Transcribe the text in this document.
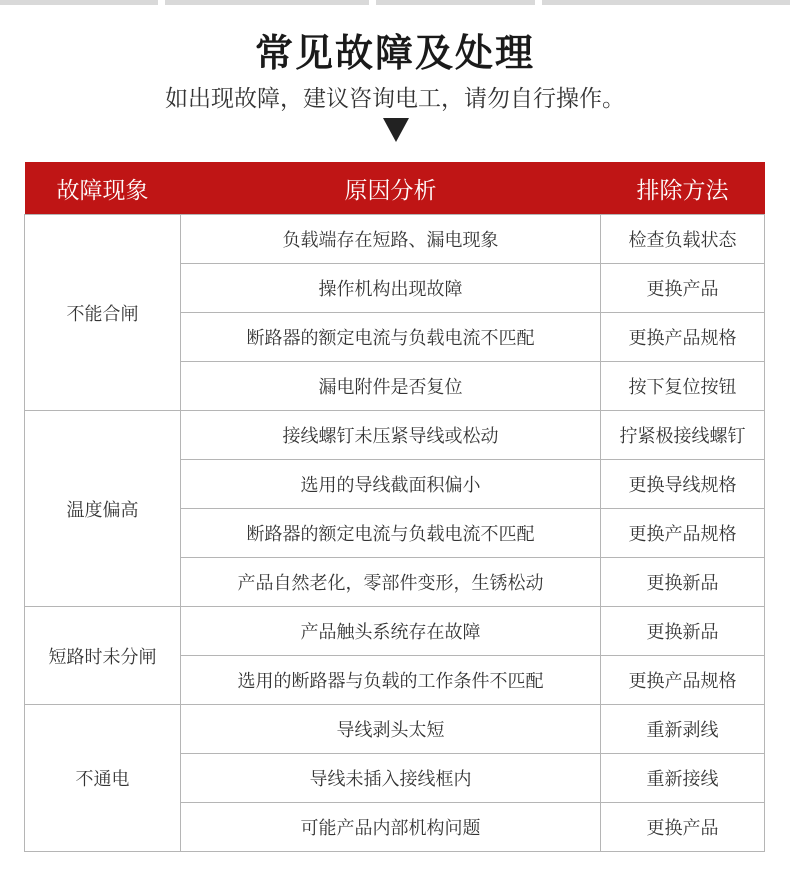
常见故障及处理
如出现故障，建议咨询电工，请勿自行操作。
故障现象	原因分析	排除方法
不能合闸	负载端存在短路、漏电现象	检查负载状态
	操作机构出现故障	更换产品
	断路器的额定电流与负载电流不匹配	更换产品规格
	漏电附件是否复位	按下复位按钮
温度偏高	接线螺钉未压紧导线或松动	拧紧极接线螺钉
	选用的导线截面积偏小	更换导线规格
	断路器的额定电流与负载电流不匹配	更换产品规格
	产品自然老化，零部件变形，生锈松动	更换新品
短路时未分闸	产品触头系统存在故障	更换新品
	选用的断路器与负载的工作条件不匹配	更换产品规格
不通电	导线剥头太短	重新剥线
	导线未插入接线框内	重新接线
	可能产品内部机构问题	更换产品
